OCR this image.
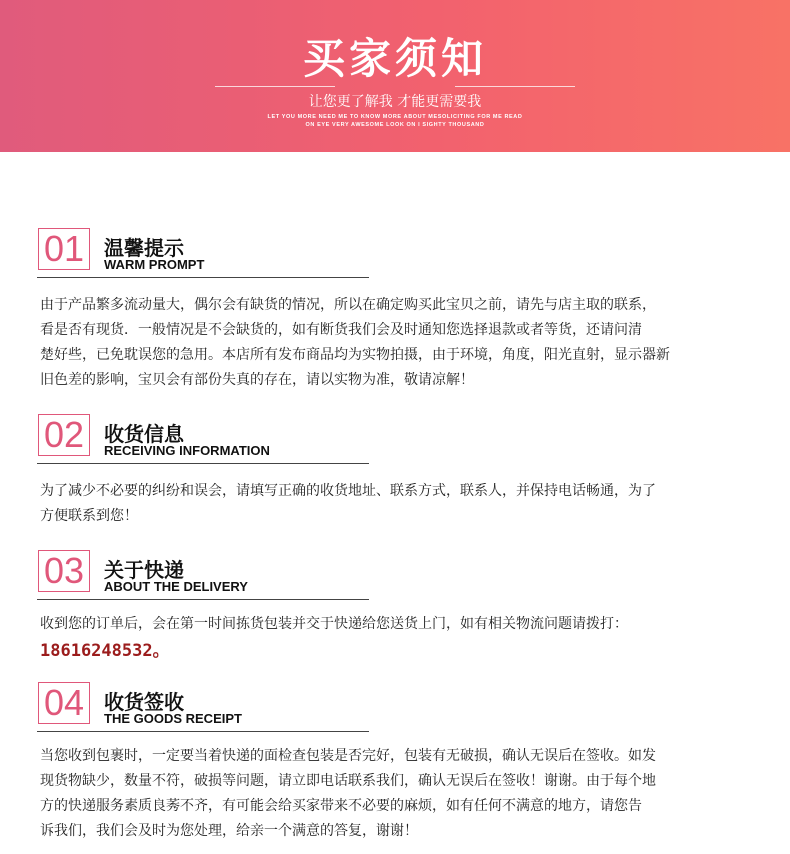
买家须知
让您更了解我 才能更需要我
LET YOU MORE NEED ME TO KNOW MORE ABOUT MESOLICITING FOR ME READ
ON EYE VERY AWESOME LOOK ON I SIGHTY THOUSAND
01 温馨提示
WARM PROMPT

由于产品繁多流动量大，偶尔会有缺货的情况，所以在确定购买此宝贝之前，请先与店主取的联系，

看是否有现货．一般情况是不会缺货的，如有断货我们会及时通知您选择退款或者等货，还请问清

楚好些，已免耽误您的急用。本店所有发布商品均为实物拍摄，由于环境，角度，阳光直射，显示器新

旧色差的影响，宝贝会有部份失真的存在，请以实物为准，敬请凉解！

02 收货信息
RECEIVING INFORMATION

为了减少不必要的纠纷和误会，请填写正确的收货地址、联系方式，联系人，并保持电话畅通，为了

方便联系到您！

03 关于快递
ABOUT THE DELIVERY

收到您的订单后，会在第一时间拣货包装并交于快递给您送货上门，如有相关物流问题请拨打：

18616248532。

04 收货签收
THE GOODS RECEIPT

当您收到包裹时，一定要当着快递的面检查包装是否完好，包装有无破损，确认无误后在签收。如发

现货物缺少，数量不符，破损等问题，请立即电话联系我们，确认无误后在签收！谢谢。由于每个地

方的快递服务素质良莠不齐，有可能会给买家带来不必要的麻烦，如有任何不满意的地方，请您告

诉我们，我们会及时为您处理，给亲一个满意的答复，谢谢！
